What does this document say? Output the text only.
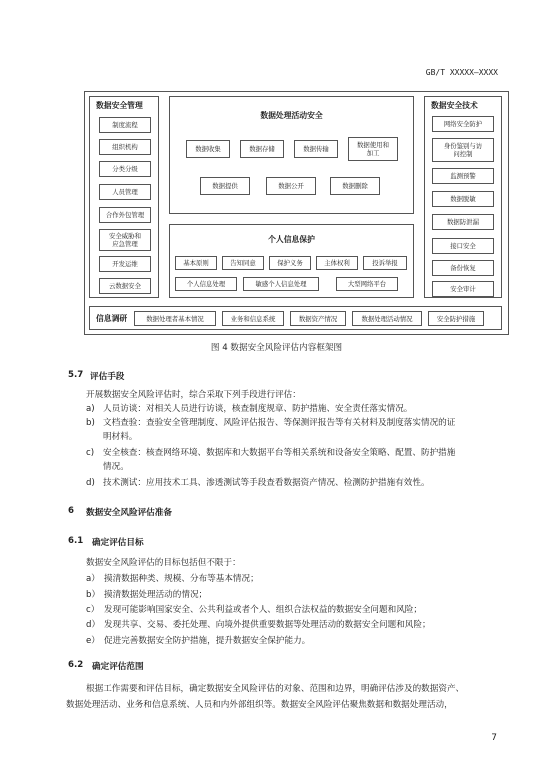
GB/T XXXXX—XXXX
数据安全管理
制度流程
组织机构
分类分级
人员管理
合作外包管理
安全威胁和应急管理
开发运维
云数据安全
数据处理活动安全
数据收集	数据存储	数据传输	数据使用和加工
数据提供	数据公开	数据删除
个人信息保护
基本原则	告知同意	保护义务	主体权利	投诉举报
个人信息处理	敏感个人信息处理	大型网络平台
数据安全技术
网络安全防护
身份鉴别与访问控制
监测预警
数据脱敏
数据防泄漏
接口安全
备份恢复
安全审计
信息调研	数据处理者基本情况	业务和信息系统	数据资产情况	数据处理活动情况	安全防护措施
图 4 数据安全风险评估内容框架图
5.7 评估手段
开展数据安全风险评估时，综合采取下列手段进行评估：
a) 人员访谈：对相关人员进行访谈，核查制度规章、防护措施、安全责任落实情况。
b) 文档查验：查验安全管理制度、风险评估报告、等保测评报告等有关材料及制度落实情况的证
明材料。
c) 安全核查：核查网络环境、数据库和大数据平台等相关系统和设备安全策略、配置、防护措施
情况。
d) 技术测试：应用技术工具、渗透测试等手段查看数据资产情况、检测防护措施有效性。
6 数据安全风险评估准备
6.1 确定评估目标
数据安全风险评估的目标包括但不限于：
a） 摸清数据种类、规模、分布等基本情况；
b） 摸清数据处理活动的情况；
c） 发现可能影响国家安全、公共利益或者个人、组织合法权益的数据安全问题和风险；
d） 发现共享、交易、委托处理、向境外提供重要数据等处理活动的数据安全问题和风险；
e） 促进完善数据安全防护措施，提升数据安全保护能力。
6.2 确定评估范围
根据工作需要和评估目标，确定数据安全风险评估的对象、范围和边界，明确评估涉及的数据资产、
数据处理活动、业务和信息系统、人员和内外部组织等。数据安全风险评估聚焦数据和数据处理活动，
7
